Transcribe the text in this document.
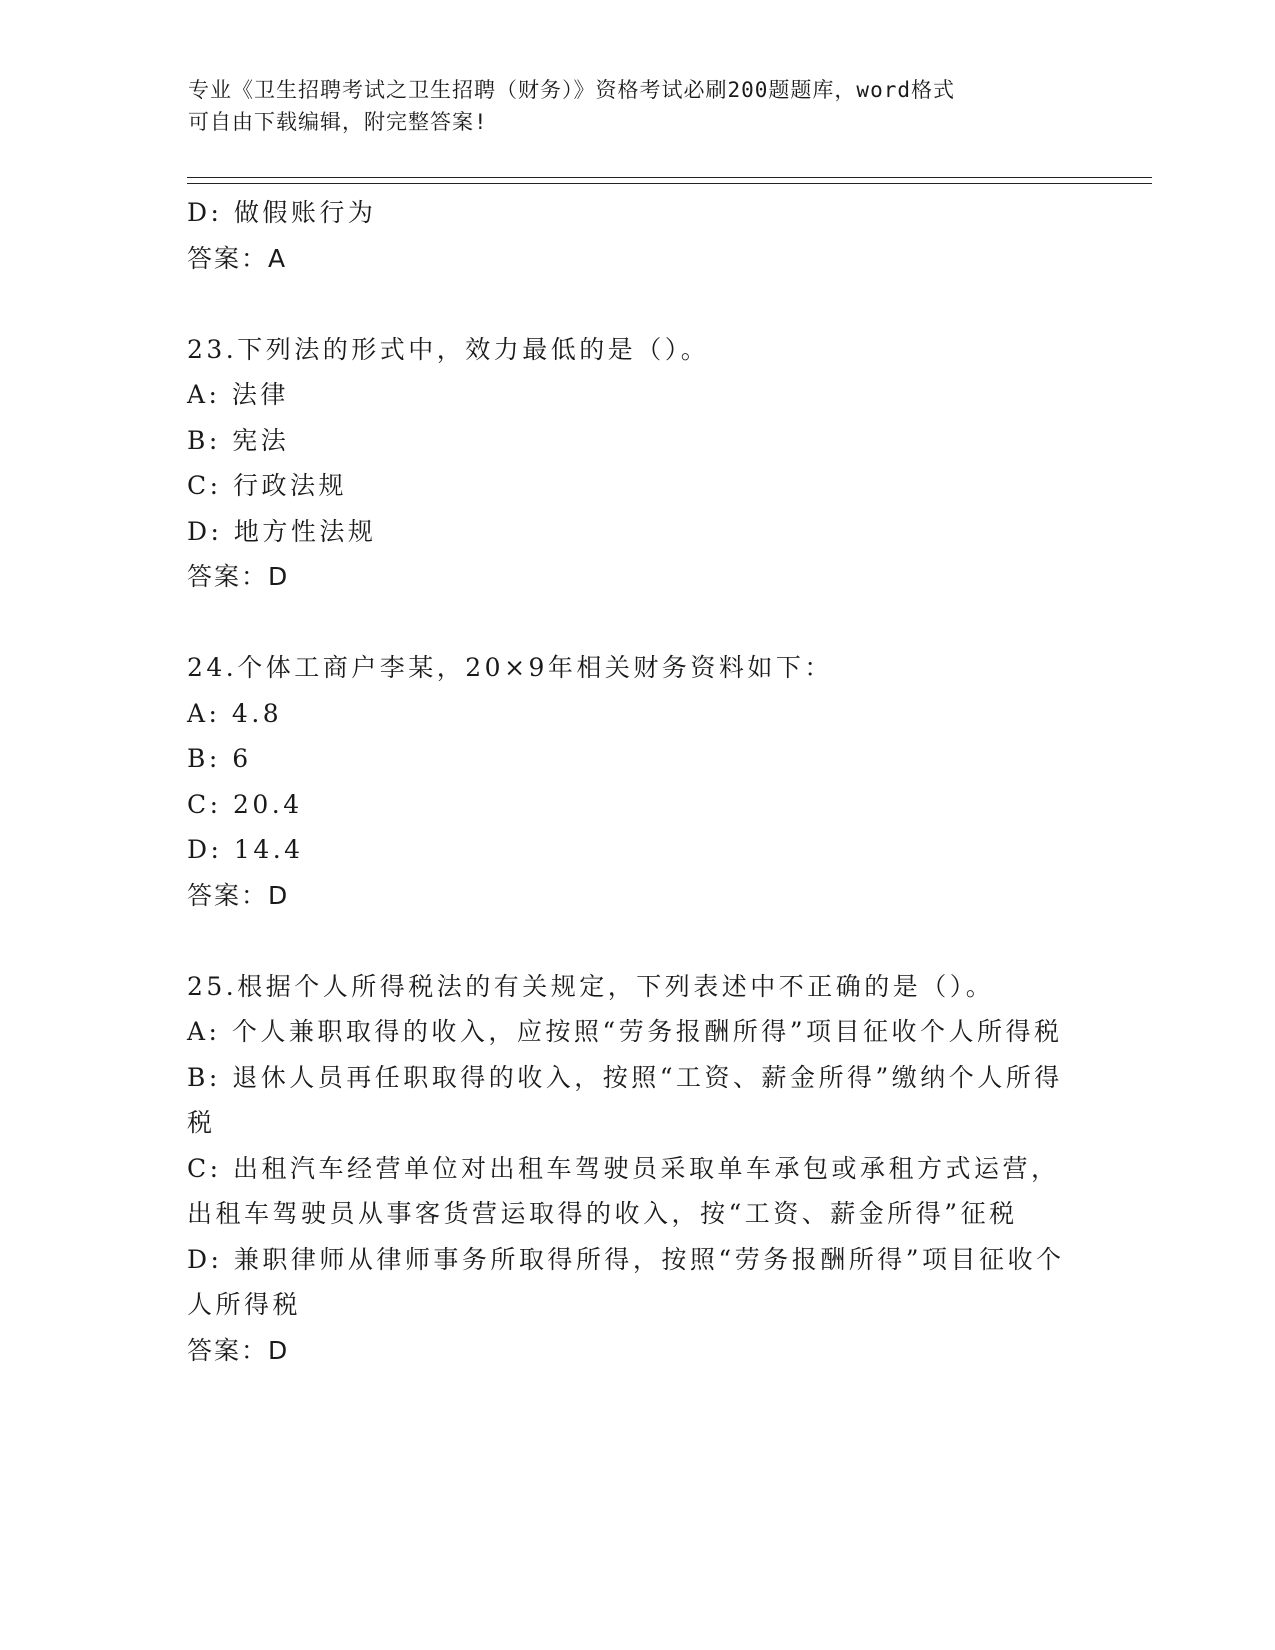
专业《卫生招聘考试之卫生招聘（财务）》资格考试必刷200题题库，word格式
可自由下载编辑，附完整答案!
D: 做假账行为
答案：A
23.下列法的形式中，效力最低的是（）。
A: 法律
B: 宪法
C: 行政法规
D: 地方性法规
答案：D
24.个体工商户李某，20×9年相关财务资料如下：
A: 4.8
B: 6
C: 20.4
D: 14.4
答案：D
25.根据个人所得税法的有关规定，下列表述中不正确的是（）。
A: 个人兼职取得的收入，应按照“劳务报酬所得”项目征收个人所得税
B: 退休人员再任职取得的收入，按照“工资、薪金所得”缴纳个人所得税
C: 出租汽车经营单位对出租车驾驶员采取单车承包或承租方式运营，出租车驾驶员从事客货营运取得的收入，按“工资、薪金所得”征税
D: 兼职律师从律师事务所取得所得，按照“劳务报酬所得”项目征收个人所得税
答案：D
